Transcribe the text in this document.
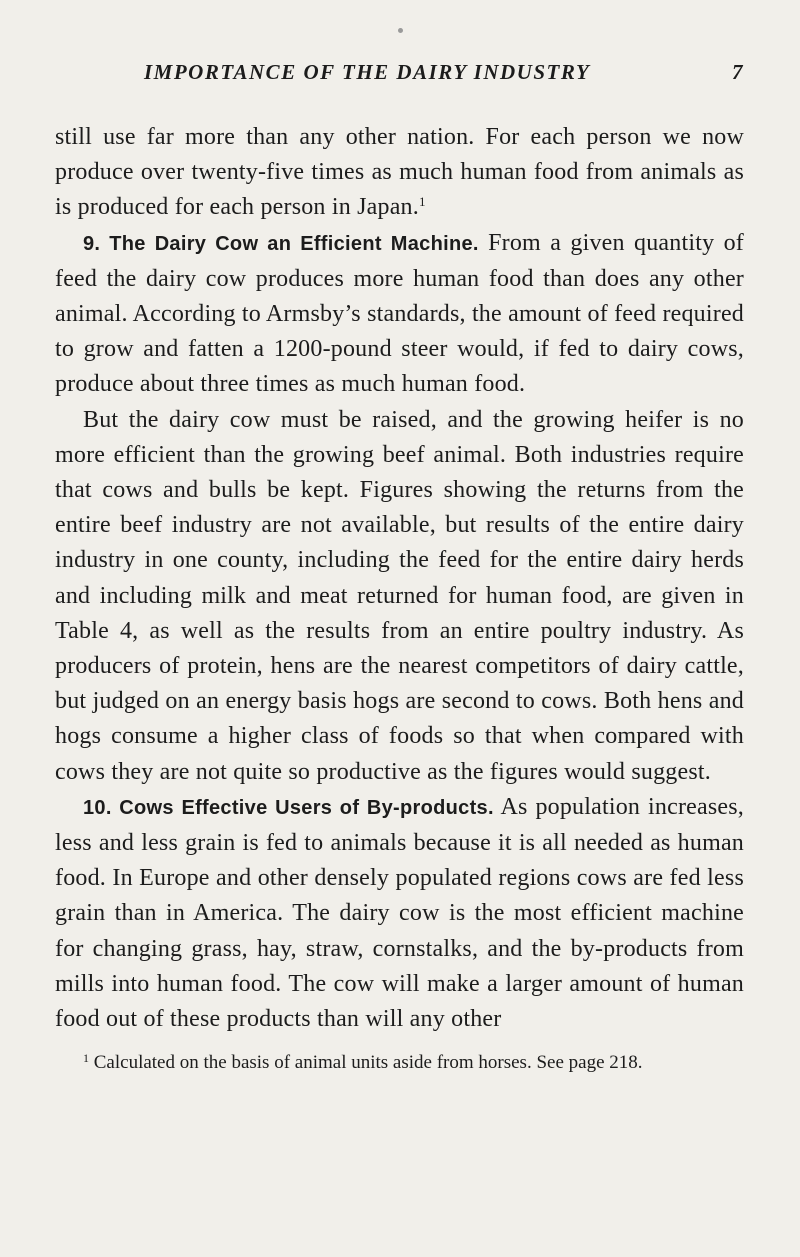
IMPORTANCE OF THE DAIRY INDUSTRY	7

still use far more than any other nation. For each person we now produce over twenty-five times as much human food from animals as is produced for each person in Japan.$^1$

9. The Dairy Cow an Efficient Machine. From a given quantity of feed the dairy cow produces more human food than does any other animal. According to Armsby’s standards, the amount of feed required to grow and fatten a 1200-pound steer would, if fed to dairy cows, produce about three times as much human food.

But the dairy cow must be raised, and the growing heifer is no more efficient than the growing beef animal. Both industries require that cows and bulls be kept. Figures showing the returns from the entire beef industry are not available, but results of the entire dairy industry in one county, including the feed for the entire dairy herds and including milk and meat returned for human food, are given in Table 4, as well as the results from an entire poultry industry. As producers of protein, hens are the nearest competitors of dairy cattle, but judged on an energy basis hogs are second to cows. Both hens and hogs consume a higher class of foods so that when compared with cows they are not quite so productive as the figures would suggest.

10. Cows Effective Users of By-products. As population increases, less and less grain is fed to animals because it is all needed as human food. In Europe and other densely populated regions cows are fed less grain than in America. The dairy cow is the most efficient machine for changing grass, hay, straw, cornstalks, and the by-products from mills into human food. The cow will make a larger amount of human food out of these products than will any other

$^1$ Calculated on the basis of animal units aside from horses. See page 218.
